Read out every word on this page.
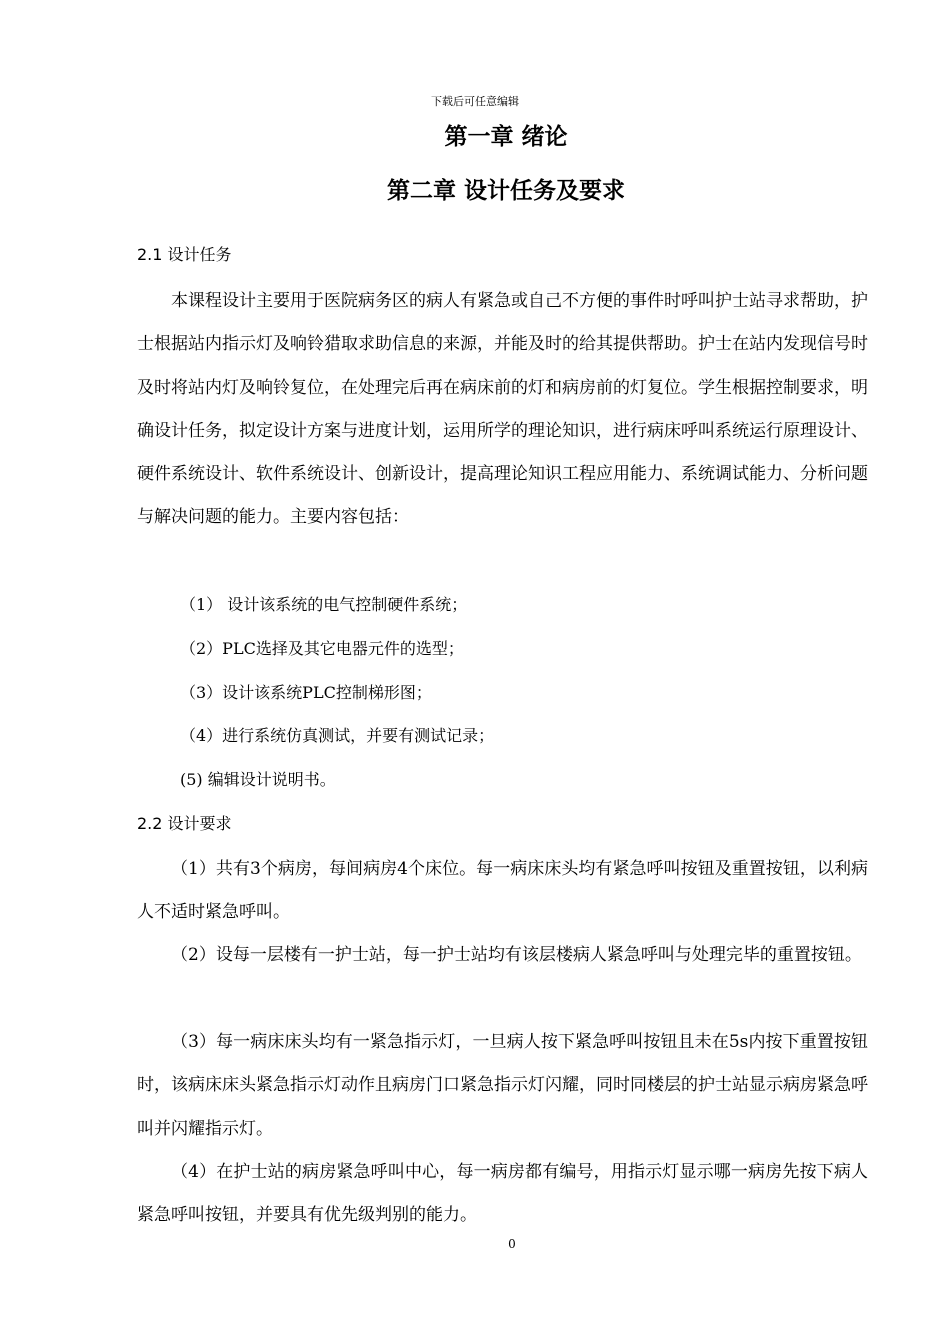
下载后可任意编辑
第一章 绪论
第二章 设计任务及要求
2.1 设计任务

本课程设计主要用于医院病务区的病人有紧急或自己不方便的事件时呼叫护士站寻求帮助，护士根据站内指示灯及响铃猎取求助信息的来源，并能及时的给其提供帮助。护士在站内发现信号时及时将站内灯及响铃复位，在处理完后再在病床前的灯和病房前的灯复位。学生根据控制要求，明确设计任务，拟定设计方案与进度计划，运用所学的理论知识，进行病床呼叫系统运行原理设计、硬件系统设计、软件系统设计、创新设计，提高理论知识工程应用能力、系统调试能力、分析问题与解决问题的能力。主要内容包括：

（1） 设计该系统的电气控制硬件系统；
（2）PLC选择及其它电器元件的选型；
（3）设计该系统PLC控制梯形图；
（4）进行系统仿真测试，并要有测试记录；
(5) 编辑设计说明书。
2.2 设计要求

（1）共有3个病房，每间病房4个床位。每一病床床头均有紧急呼叫按钮及重置按钮，以利病人不适时紧急呼叫。

（2）设每一层楼有一护士站，每一护士站均有该层楼病人紧急呼叫与处理完毕的重置按钮。

（3）每一病床床头均有一紧急指示灯，一旦病人按下紧急呼叫按钮且未在5s内按下重置按钮时，该病床床头紧急指示灯动作且病房门口紧急指示灯闪耀，同时同楼层的护士站显示病房紧急呼叫并闪耀指示灯。

（4）在护士站的病房紧急呼叫中心，每一病房都有编号，用指示灯显示哪一病房先按下病人紧急呼叫按钮，并要具有优先级判别的能力。

0
